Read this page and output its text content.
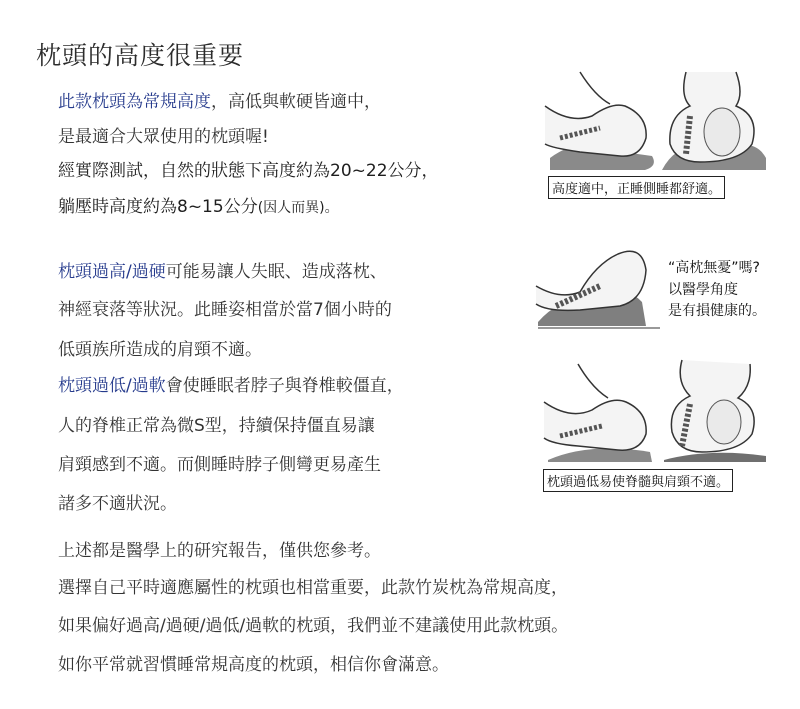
枕頭的高度很重要
此款枕頭為常規高度，高低與軟硬皆適中，
是最適合大眾使用的枕頭喔!
經實際測試，自然的狀態下高度約為20~22公分，
躺壓時高度約為8~15公分(因人而異)。
枕頭過高/過硬可能易讓人失眠、造成落枕、
神經衰落等狀況。此睡姿相當於當7個小時的
低頭族所造成的肩頸不適。
枕頭過低/過軟會使睡眠者脖子與脊椎較僵直，
人的脊椎正常為微S型，持續保持僵直易讓
肩頸感到不適。而側睡時脖子側彎更易產生
諸多不適狀況。
上述都是醫學上的研究報告，僅供您參考。
選擇自己平時適應屬性的枕頭也相當重要，此款竹炭枕為常規高度，
如果偏好過高/過硬/過低/過軟的枕頭，我們並不建議使用此款枕頭。
如你平常就習慣睡常規高度的枕頭，相信你會滿意。
高度適中，正睡側睡都舒適。
“高枕無憂”嗎?
以醫學角度
是有損健康的。
枕頭過低易使脊髓與肩頸不適。
